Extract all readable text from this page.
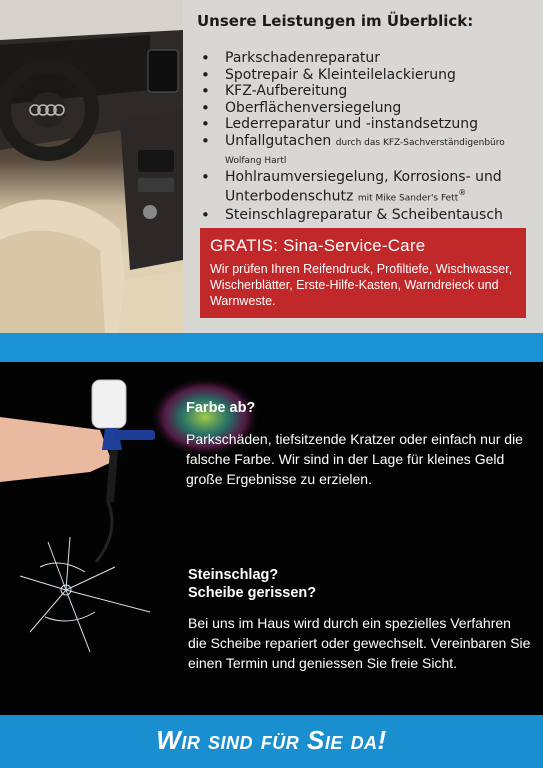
Unsere Leistungen im Überblick:
• Parkschadenreparatur
• Spotrepair & Kleinteilelackierung
• KFZ-Aufbereitung
• Oberflächenversiegelung
• Lederreparatur und -instandsetzung
• Unfallgutachen durch das KFZ-Sachverständigenbüro Wolfang Hartl
• Hohlraumversiegelung, Korrosions- und Unterbodenschutz mit Mike Sander's Fett®
• Steinschlagreparatur & Scheibentausch
GRATIS: Sina-Service-Care
Wir prüfen Ihren Reifendruck, Profiltiefe, Wischwasser, Wischerblätter, Erste-Hilfe-Kasten, Warndreieck und Warnweste.
Farbe ab?
Parkschäden, tiefsitzende Kratzer oder einfach nur die falsche Farbe. Wir sind in der Lage für kleines Geld große Ergebnisse zu erzielen.
Steinschlag?
Scheibe gerissen?
Bei uns im Haus wird durch ein spezielles Verfahren die Scheibe repariert oder gewechselt. Vereinbaren Sie einen Termin und geniessen Sie freie Sicht.
Wir sind für Sie da!
